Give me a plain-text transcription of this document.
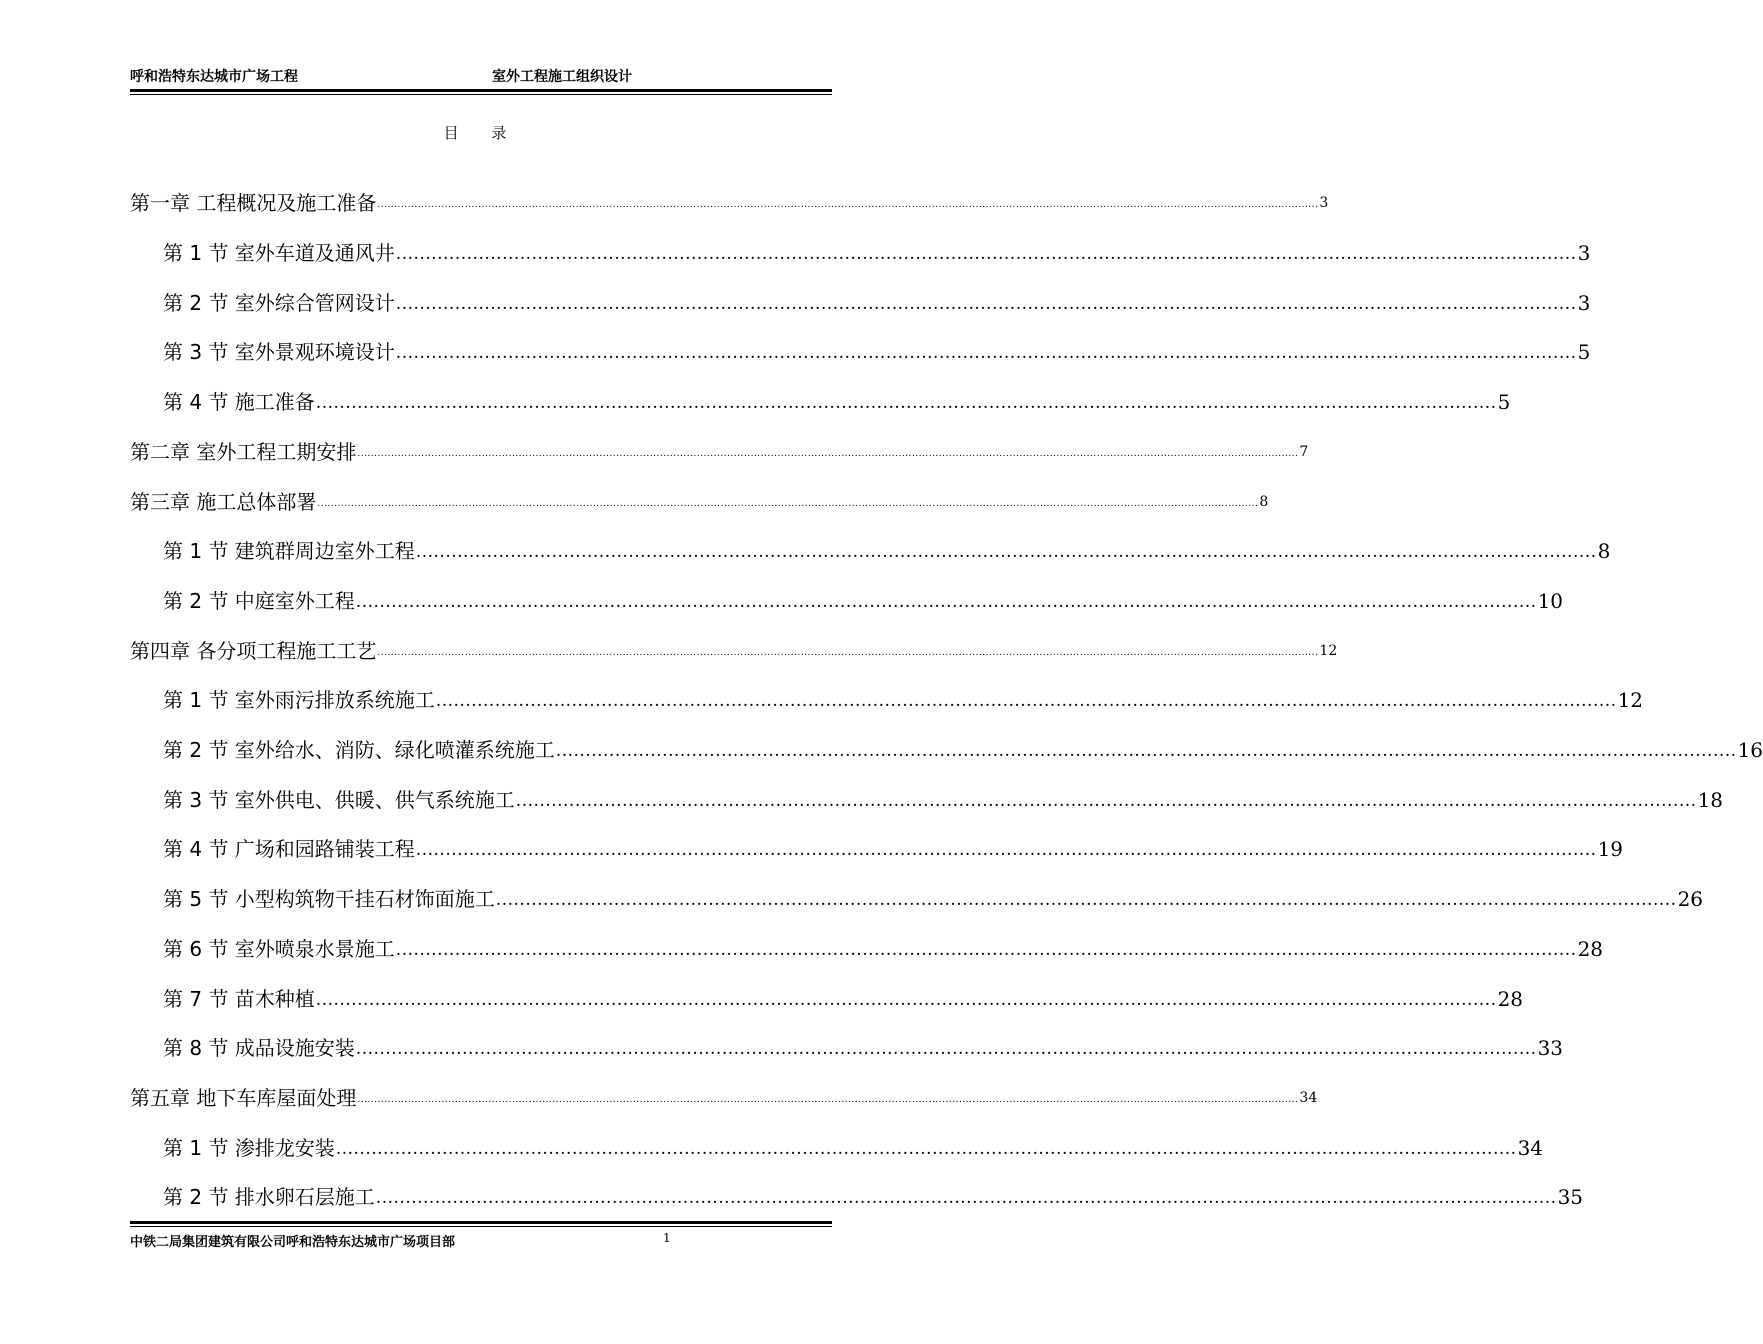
呼和浩特东达城市广场工程	室外工程施工组织设计
目 录
第一章 工程概况及施工准备 ........................................................................................................................................................................................................................................................................................ 3
第 1 节 室外车道及通风井 ........................................................................................................................................................................................................ 3
第 2 节 室外综合管网设计 ........................................................................................................................................................................................................ 3
第 3 节 室外景观环境设计 ........................................................................................................................................................................................................ 5
第 4 节 施工准备 ........................................................................................................................................................................................................ 5
第二章 室外工程工期安排 ........................................................................................................................................................................................................................................................................................ 7
第三章 施工总体部署 ........................................................................................................................................................................................................................................................................................ 8
第 1 节 建筑群周边室外工程 ........................................................................................................................................................................................................ 8
第 2 节 中庭室外工程 ........................................................................................................................................................................................................ 10
第四章 各分项工程施工工艺 ........................................................................................................................................................................................................................................................................................ 12
第 1 节 室外雨污排放系统施工 ........................................................................................................................................................................................................ 12
第 2 节 室外给水、消防、绿化喷灌系统施工 ........................................................................................................................................................................................................ 16
第 3 节 室外供电、供暖、供气系统施工 ........................................................................................................................................................................................................ 18
第 4 节 广场和园路铺装工程 ........................................................................................................................................................................................................ 19
第 5 节 小型构筑物干挂石材饰面施工 ........................................................................................................................................................................................................ 26
第 6 节 室外喷泉水景施工 ........................................................................................................................................................................................................ 28
第 7 节 苗木种植 ........................................................................................................................................................................................................ 28
第 8 节 成品设施安装 ........................................................................................................................................................................................................ 33
第五章 地下车库屋面处理 ........................................................................................................................................................................................................................................................................................ 34
第 1 节 渗排龙安装 ........................................................................................................................................................................................................ 34
第 2 节 排水卵石层施工 ........................................................................................................................................................................................................ 35
中铁二局集团建筑有限公司呼和浩特东达城市广场项目部	1
